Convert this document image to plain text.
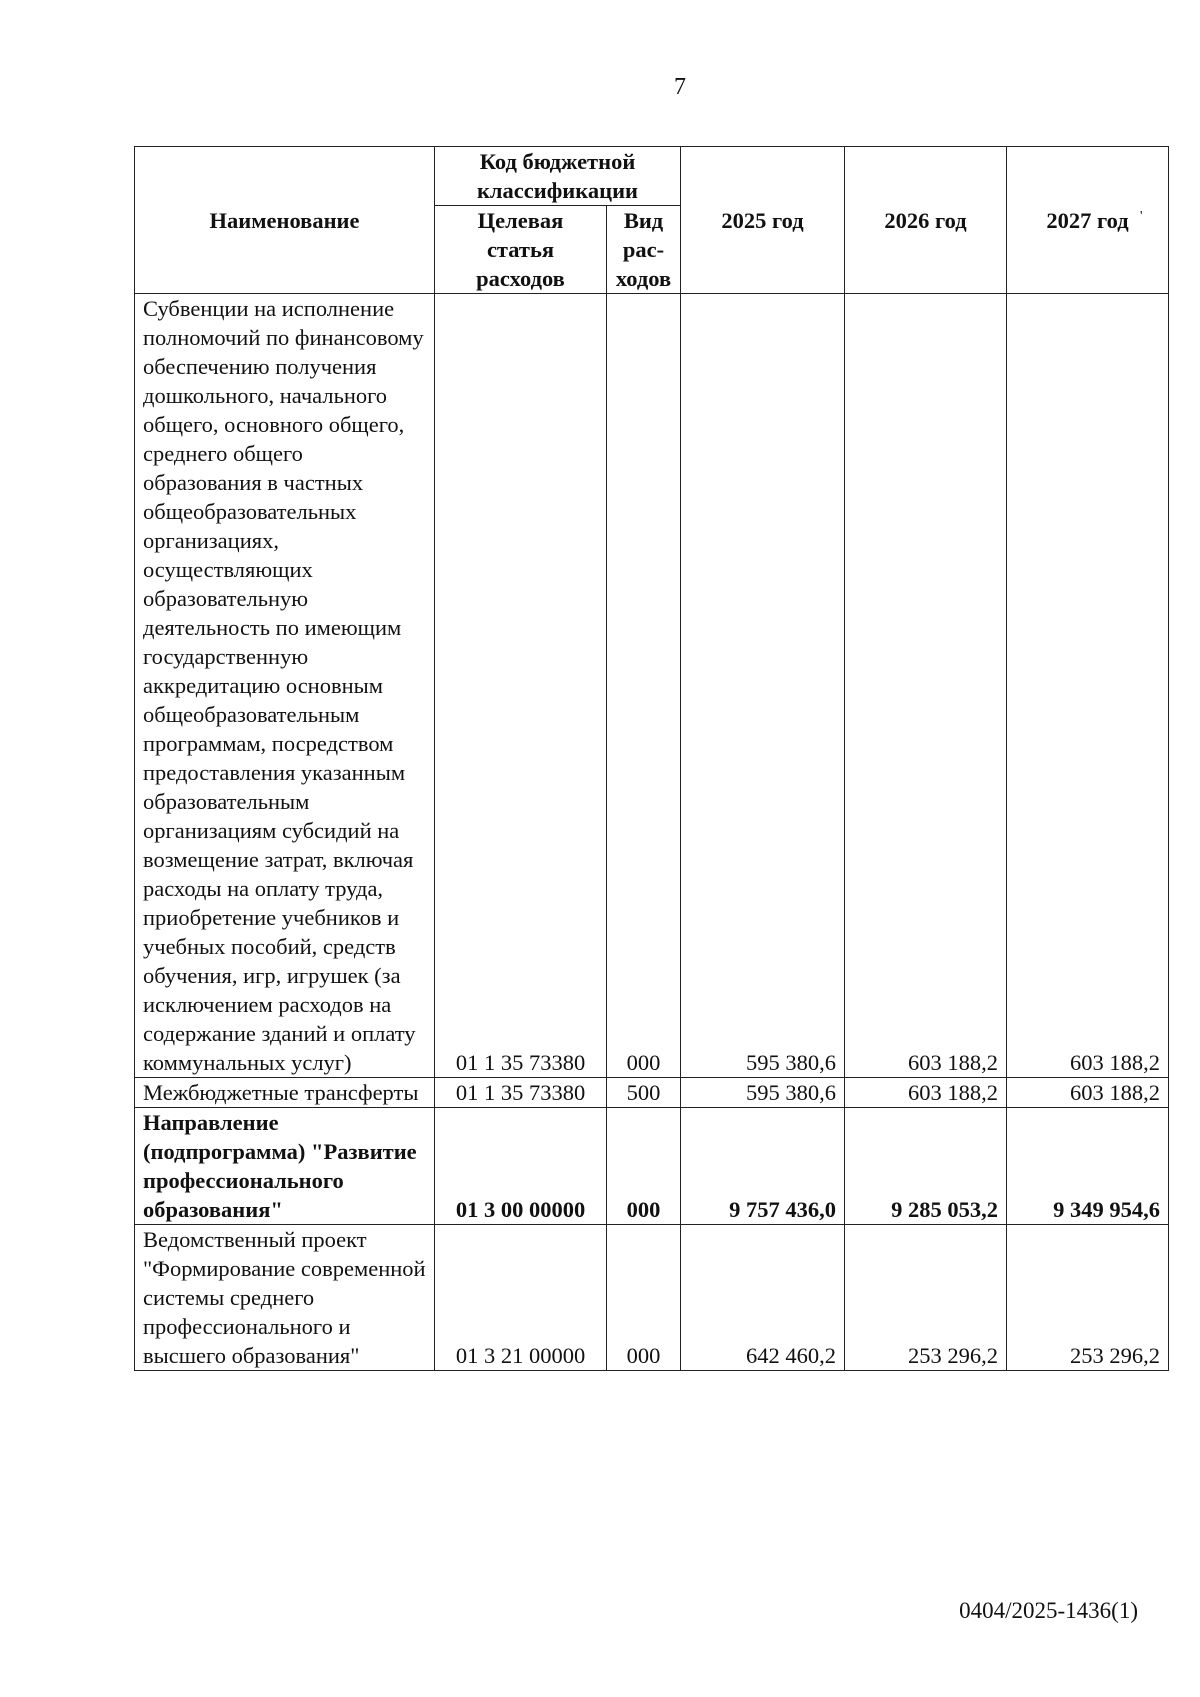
7
'
Наименование	Код бюджетной классификации		2025 год	2026 год	2027 год
	Целевая статья расходов	Вид рас-ходов			
Субвенции на исполнение полномочий по финансовому обеспечению получения дошкольного, начального общего, основного общего, среднего общего образования в частных общеобразовательных организациях, осуществляющих образовательную деятельность по имеющим государственную аккредитацию основным общеобразовательным программам, посредством предоставления указанным образовательным организациям субсидий на возмещение затрат, включая расходы на оплату труда, приобретение учебников и учебных пособий, средств обучения, игр, игрушек (за исключением расходов на содержание зданий и оплату коммунальных услуг)	01 1 35 73380	000	595 380,6	603 188,2	603 188,2
Межбюджетные трансферты	01 1 35 73380	500	595 380,6	603 188,2	603 188,2
Направление (подпрограмма) "Развитие профессионального образования"	01 3 00 00000	000	9 757 436,0	9 285 053,2	9 349 954,6
Ведомственный проект "Формирование современной системы среднего профессионального и высшего образования"	01 3 21 00000	000	642 460,2	253 296,2	253 296,2
0404/2025-1436(1)
